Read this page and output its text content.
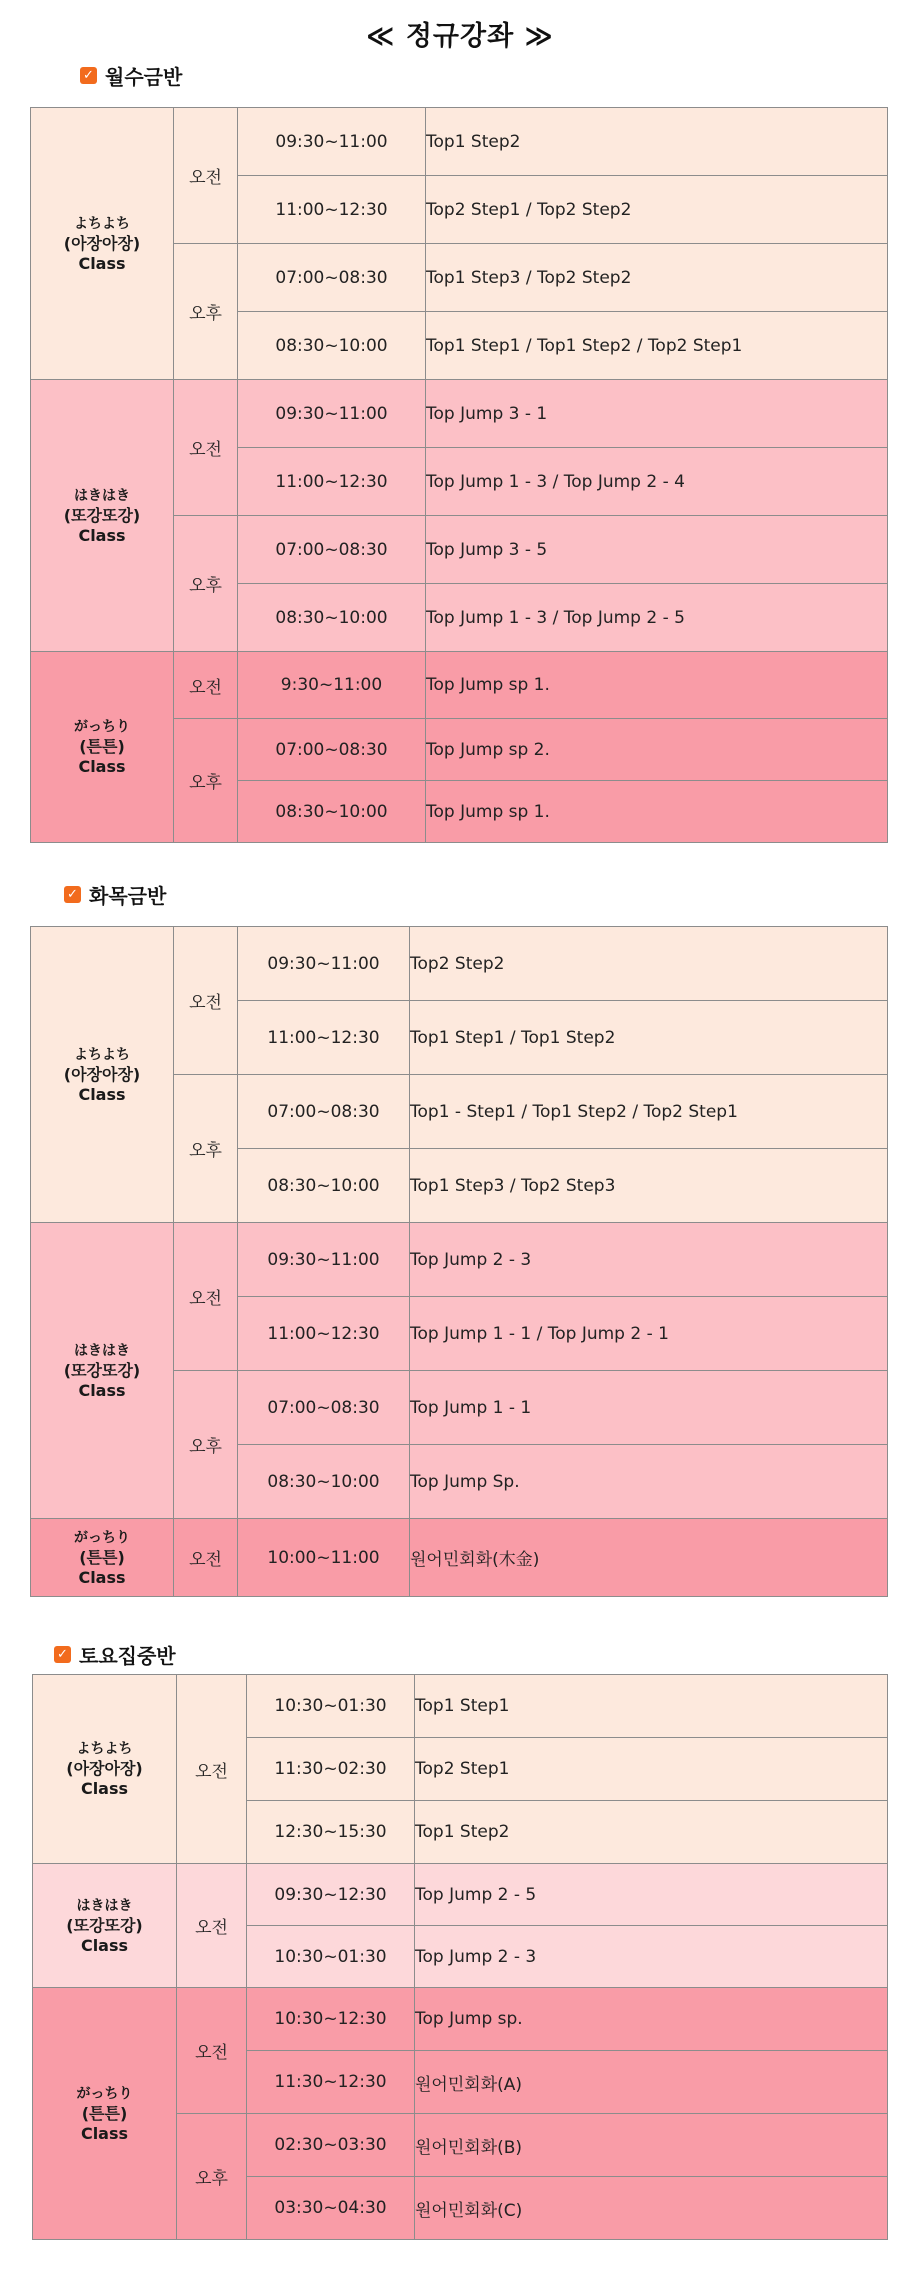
≪ 정규강좌 ≫
✓ 월수금반
よちよち
(아장아장)
Class	오전	09:30~11:00	Top1 Step2
		11:00~12:30	Top2 Step1 / Top2 Step2
	오후	07:00~08:30	Top1 Step3 / Top2 Step2
		08:30~10:00	Top1 Step1 / Top1 Step2 / Top2 Step1

はきはき
(또강또강)
Class	오전	09:30~11:00	Top Jump 3 - 1
		11:00~12:30	Top Jump 1 - 3 / Top Jump 2 - 4
	오후	07:00~08:30	Top Jump 3 - 5
		08:30~10:00	Top Jump 1 - 3 / Top Jump 2 - 5

がっちり
(튼튼)
Class	오전	9:30~11:00	Top Jump sp 1.
	오후	07:00~08:30	Top Jump sp 2.
		08:30~10:00	Top Jump sp 1.
✓ 화목금반
よちよち
(아장아장)
Class	오전	09:30~11:00	Top2 Step2
		11:00~12:30	Top1 Step1 / Top1 Step2
	오후	07:00~08:30	Top1 - Step1 / Top1 Step2 / Top2 Step1
		08:30~10:00	Top1 Step3 / Top2 Step3

はきはき
(또강또강)
Class	오전	09:30~11:00	Top Jump 2 - 3
		11:00~12:30	Top Jump 1 - 1 / Top Jump 2 - 1
	오후	07:00~08:30	Top Jump 1 - 1
		08:30~10:00	Top Jump Sp.

がっちり
(튼튼)
Class	오전	10:00~11:00	원어민회화(木金)
✓ 토요집중반
よちよち
(아장아장)
Class	오전	10:30~01:30	Top1 Step1
		11:30~02:30	Top2 Step1
		12:30~15:30	Top1 Step2

はきはき
(또강또강)
Class	오전	09:30~12:30	Top Jump 2 - 5
		10:30~01:30	Top Jump 2 - 3

がっちり
(튼튼)
Class	오전	10:30~12:30	Top Jump sp.
		11:30~12:30	원어민회화(A)
	오후	02:30~03:30	원어민회화(B)
		03:30~04:30	원어민회화(C)
